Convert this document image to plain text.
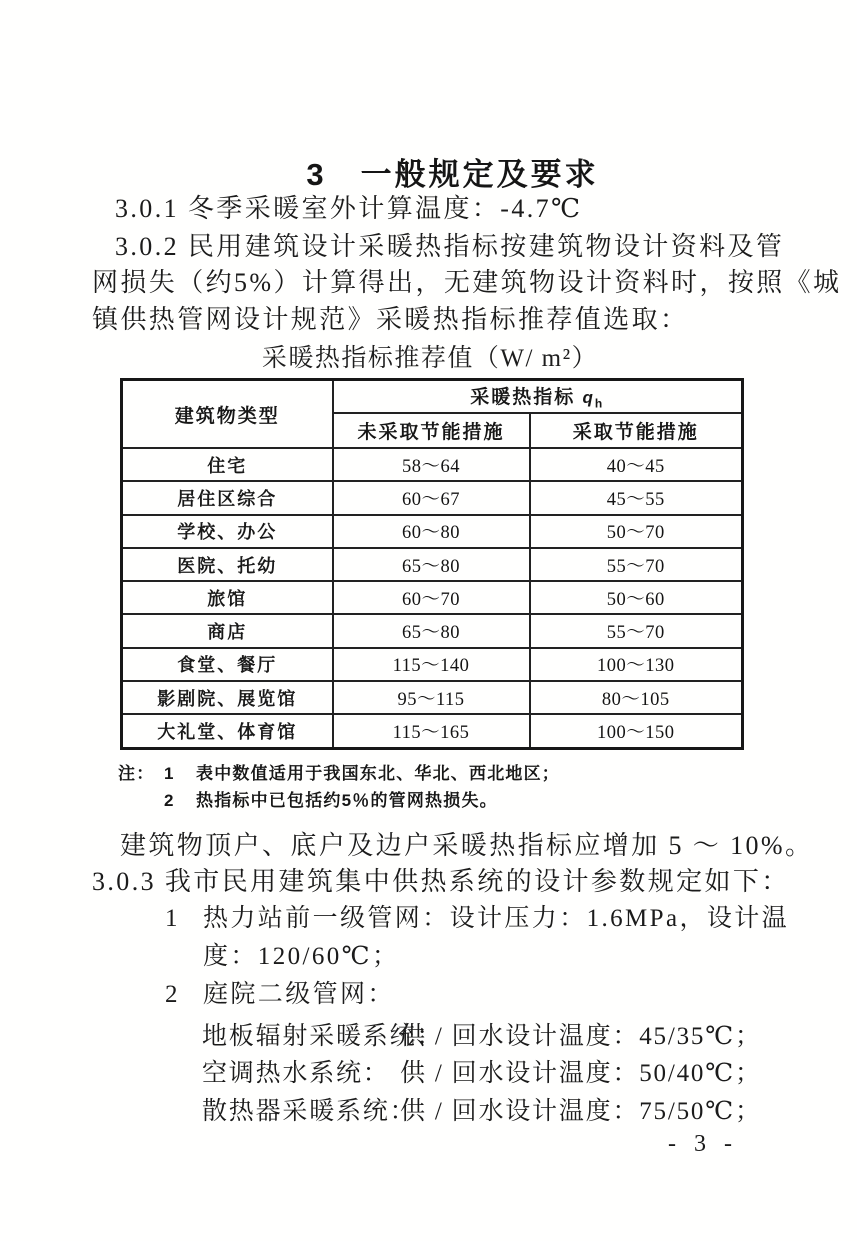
3　一般规定及要求
3.0.1 冬季采暖室外计算温度：-4.7℃
3.0.2 民用建筑设计采暖热指标按建筑物设计资料及管
网损失（约5%）计算得出，无建筑物设计资料时，按照《城
镇供热管网设计规范》采暖热指标推荐值选取：
采暖热指标推荐值（W/ m²）
建筑物类型	采暖热指标 $q_h$
	未采取节能措施	采取节能措施
住宅	58～64	40～45
居住区综合	60～67	45～55
学校、办公	60～80	50～70
医院、托幼	65～80	55～70
旅馆	60～70	50～60
商店	65～80	55～70
食堂、餐厅	115～140	100～130
影剧院、展览馆	95～115	80～105
大礼堂、体育馆	115～165	100～150
注： 1 表中数值适用于我国东北、华北、西北地区；
2 热指标中已包括约5％的管网热损失。
建筑物顶户、底户及边户采暖热指标应增加 5 ～ 10%。
3.0.3 我市民用建筑集中供热系统的设计参数规定如下：
1 热力站前一级管网：设计压力：1.6MPa，设计温
度：120/60℃；
2 庭院二级管网：
地板辐射采暖系统：供 / 回水设计温度：45/35℃；
空调热水系统： 供 / 回水设计温度：50/40℃；
散热器采暖系统：供 / 回水设计温度：75/50℃；
- 3 -
